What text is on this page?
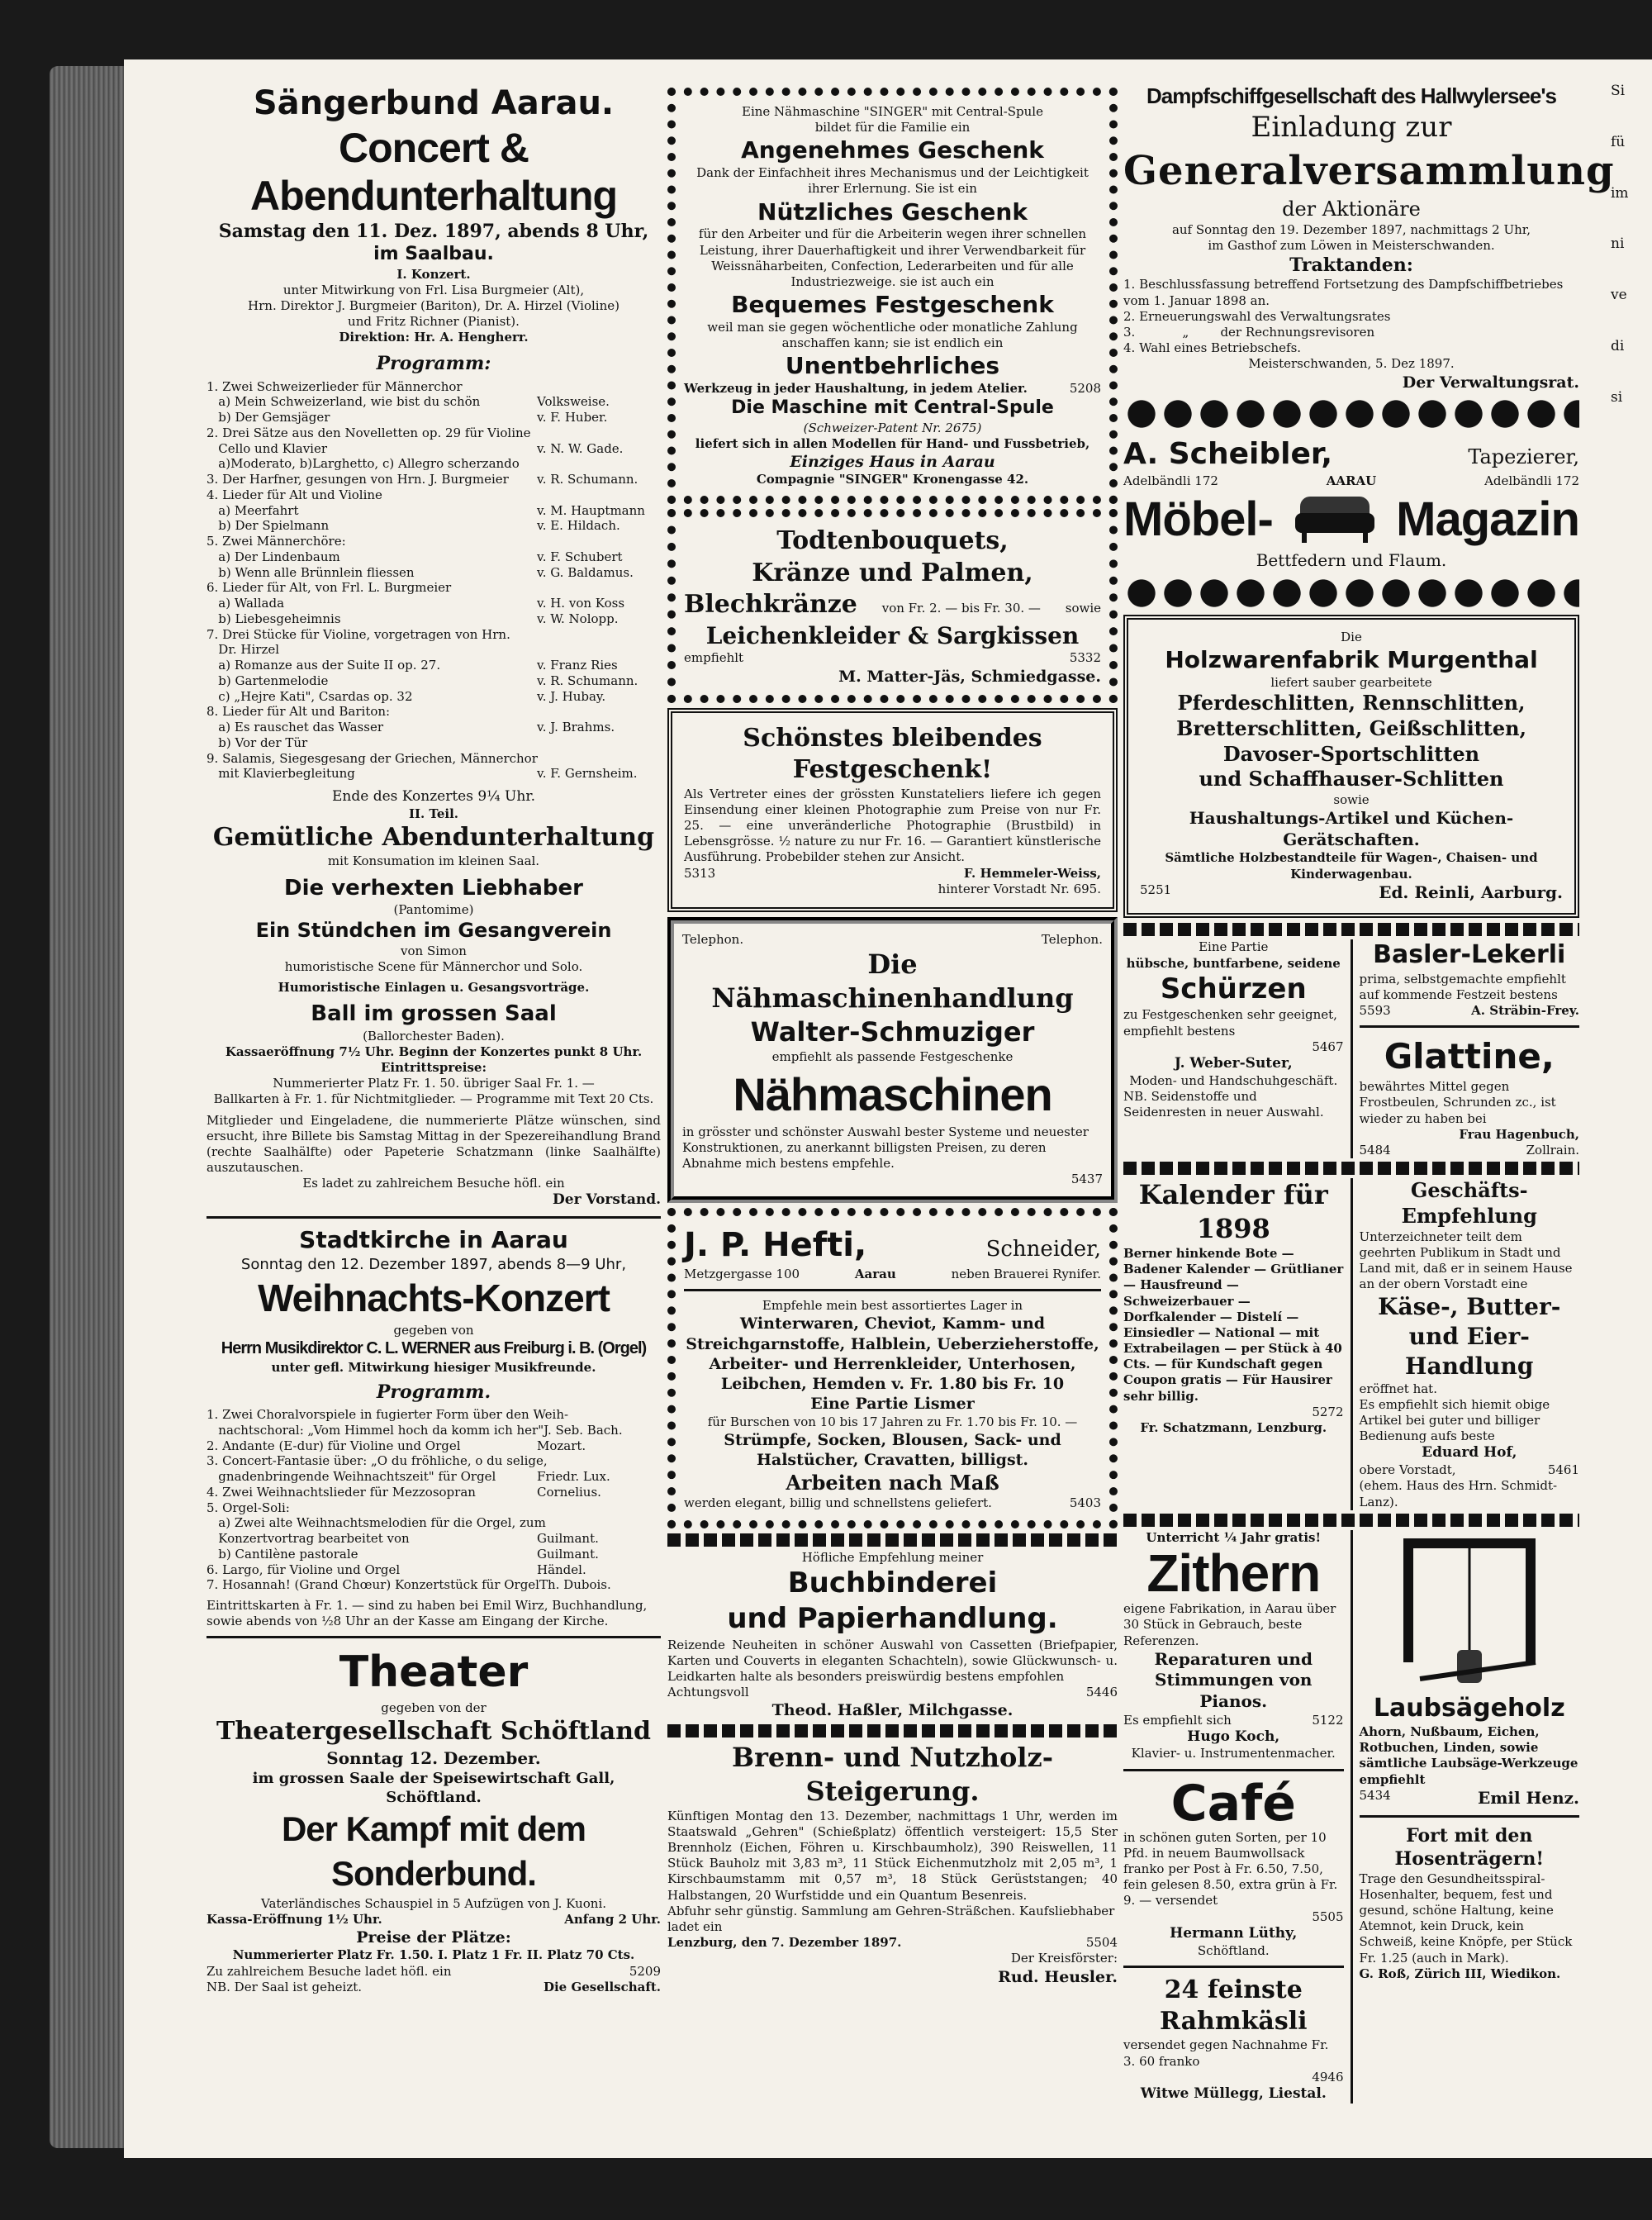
Sängerbund Aarau.
Concert & Abendunterhaltung
Samstag den 11. Dez. 1897, abends 8 Uhr,
im Saalbau.
I. Konzert.
unter Mitwirkung von Frl. Lisa Burgmeier (Alt),
Hrn. Direktor J. Burgmeier (Bariton), Dr. A. Hirzel (Violine)
und Fritz Richner (Pianist).
Direktion: Hr. A. Hengherr.
Programm:
1. Zwei Schweizerlieder für Männerchor
a) Mein Schweizerland, wie bist du schön	Volksweise.
b) Der Gemsjäger	v. F. Huber.
2. Drei Sätze aus den Novelletten op. 29 für Violine
Cello und Klavier	v. N. W. Gade.
a)Moderato, b)Larghetto, c) Allegro scherzando
3. Der Harfner, gesungen von Hrn. J. Burgmeier v. R. Schumann.
4. Lieder für Alt und Violine
a) Meerfahrt	v. M. Hauptmann
b) Der Spielmann	v. E. Hildach.
5. Zwei Männerchöre:
a) Der Lindenbaum	v. F. Schubert
b) Wenn alle Brünnlein fliessen	v. G. Baldamus.
6. Lieder für Alt, von Frl. L. Burgmeier
a) Wallada	v. H. von Koss
b) Liebesgeheimnis	v. W. Nolopp.
7. Drei Stücke für Violine, vorgetragen von Hrn.
Dr. Hirzel
a) Romanze aus der Suite II op. 27.	v. Franz Ries
b) Gartenmelodie	v. R. Schumann.
c) „Hejre Kati", Csardas op. 32	v. J. Hubay.
8. Lieder für Alt und Bariton:
a) Es rauschet das Wasser	v. J. Brahms.
b) Vor der Tür
9. Salamis, Siegesgesang der Griechen, Männerchor
mit Klavierbegleitung	v. F. Gernsheim.
Ende des Konzertes 9¼ Uhr.
II. Teil.
Gemütliche Abendunterhaltung
mit Konsumation im kleinen Saal.
Die verhexten Liebhaber
(Pantomime)
Ein Stündchen im Gesangverein
von Simon
humoristische Scene für Männerchor und Solo.
Humoristische Einlagen u. Gesangsvorträge.
Ball im grossen Saal
(Ballorchester Baden).
Kassaeröffnung 7½ Uhr. Beginn der Konzertes punkt 8 Uhr.
Eintrittspreise:
Nummerierter Platz Fr. 1. 50. übriger Saal Fr. 1. —
Ballkarten à Fr. 1. für Nichtmitglieder. — Programme mit Text 20 Cts.
Mitglieder und Eingeladene, die nummerierte Plätze wünschen, sind ersucht, ihre Billete bis Samstag Mittag in der Spezereihandlung Brand (rechte Saalhälfte) oder Papeterie Schatzmann (linke Saalhälfte) auszutauschen.
Es ladet zu zahlreichem Besuche höfl. ein
Der Vorstand.
Stadtkirche in Aarau
Sonntag den 12. Dezember 1897, abends 8—9 Uhr,
Weihnachts-Konzert
gegeben von
Herrn Musikdirektor C. L. WERNER aus Freiburg i. B. (Orgel)
unter gefl. Mitwirkung hiesiger Musikfreunde.
Programm.
1. Zwei Choralvorspiele in fugierter Form über den Weih-
nachtschoral: „Vom Himmel hoch da komm ich her" J. Seb. Bach.
2. Andante (E-dur) für Violine und Orgel	Mozart.
3. Concert-Fantasie über: „O du fröhliche, o du selige,
gnadenbringende Weihnachtszeit" für Orgel	Friedr. Lux.
4. Zwei Weihnachtslieder für Mezzosopran	Cornelius.
5. Orgel-Soli:
a) Zwei alte Weihnachtsmelodien für die Orgel, zum
Konzertvortrag bearbeitet von	Guilmant.
b) Cantilène pastorale	Guilmant.
6. Largo, für Violine und Orgel	Händel.
7. Hosannah! (Grand Chœur) Konzertstück für Orgel Th. Dubois.
Eintrittskarten à Fr. 1. — sind zu haben bei Emil Wirz, Buchhandlung, sowie abends von ½8 Uhr an der Kasse am Eingang der Kirche.
Theater
gegeben von der
Theatergesellschaft Schöftland
Sonntag 12. Dezember.
im grossen Saale der Speisewirtschaft Gall, Schöftland.
Der Kampf mit dem Sonderbund.
Vaterländisches Schauspiel in 5 Aufzügen von J. Kuoni.
Kassa-Eröffnung 1½ Uhr.	Anfang 2 Uhr.
Preise der Plätze:
Nummerierter Platz Fr. 1.50. I. Platz 1 Fr. II. Platz 70 Cts.
Zu zahlreichem Besuche ladet höfl. ein	5209
NB. Der Saal ist geheizt.	Die Gesellschaft.
Eine Nähmaschine "SINGER" mit Central-Spule
bildet für die Familie ein
Angenehmes Geschenk
Dank der Einfachheit ihres Mechanismus und der Leichtigkeit ihrer Erlernung. Sie ist ein
Nützliches Geschenk
für den Arbeiter und für die Arbeiterin wegen ihrer schnellen Leistung, ihrer Dauerhaftigkeit und ihrer Verwendbarkeit für Weissnäharbeiten, Confection, Lederarbeiten und für alle Industriezweige. sie ist auch ein
Bequemes Festgeschenk
weil man sie gegen wöchentliche oder monatliche Zahlung anschaffen kann; sie ist endlich ein
Unentbehrliches
Werkzeug in jeder Haushaltung, in jedem Atelier.	5208
Die Maschine mit Central-Spule
(Schweizer-Patent Nr. 2675)
liefert sich in allen Modellen für Hand- und Fussbetrieb,
Einziges Haus in Aarau
Compagnie "SINGER" Kronengasse 42.
Todtenbouquets,
Kränze und Palmen,
Blechkränze von Fr. 2. — bis Fr. 30. — sowie
Leichenkleider & Sargkissen
empfiehlt	5332
M. Matter-Jäs, Schmiedgasse.
Schönstes bleibendes Festgeschenk!
Als Vertreter eines der grössten Kunstateliers liefere ich gegen Einsendung einer kleinen Photographie zum Preise von nur Fr. 25. — eine unveränderliche Photographie (Brustbild) in Lebensgrösse. ½ nature zu nur Fr. 16. — Garantiert künstlerische Ausführung. Probebilder stehen zur Ansicht.
5313	F. Hemmeler-Weiss,
hinterer Vorstadt Nr. 695.
Telephon.	Telephon.
Die Nähmaschinenhandlung
Walter-Schmuziger
empfiehlt als passende Festgeschenke
Nähmaschinen
in grösster und schönster Auswahl bester Systeme und neuester Konstruktionen, zu anerkannt billigsten Preisen, zu deren Abnahme mich bestens empfehle.
5437
J. P. Hefti,	Schneider,
Metzgergasse 100	Aarau	neben Brauerei Rynifer.
Empfehle mein best assortiertes Lager in
Winterwaren, Cheviot, Kamm- und Streichgarnstoffe, Halblein, Ueberzieherstoffe, Arbeiter- und Herrenkleider, Unterhosen, Leibchen, Hemden v. Fr. 1.80 bis Fr. 10
Eine Partie Lismer
für Burschen von 10 bis 17 Jahren zu Fr. 1.70 bis Fr. 10. —
Strümpfe, Socken, Blousen, Sack- und Halstücher, Cravatten, billigst.
Arbeiten nach Maß
werden elegant, billig und schnellstens geliefert.	5403
Höfliche Empfehlung meiner
Buchbinderei
und Papierhandlung.
Reizende Neuheiten in schöner Auswahl von Cassetten (Briefpapier, Karten und Couverts in eleganten Schachteln), sowie Glückwunsch- u. Leidkarten halte als besonders preiswürdig bestens empfohlen
Achtungsvoll	5446
Theod. Haßler, Milchgasse.
Brenn- und Nutzholz-Steigerung.
Künftigen Montag den 13. Dezember, nachmittags 1 Uhr, werden im Staatswald „Gehren" (Schießplatz) öffentlich versteigert: 15,5 Ster Brennholz (Eichen, Föhren u. Kirschbaumholz), 390 Reiswellen, 11 Stück Bauholz mit 3,83 m³, 11 Stück Eichenmutzholz mit 2,05 m³, 1 Kirschbaumstamm mit 0,57 m³, 18 Stück Gerüststangen; 40 Halbstangen, 20 Wurfstidde und ein Quantum Besenreis.
Abfuhr sehr günstig. Sammlung am Gehren-Sträßchen. Kaufsliebhaber ladet ein
Lenzburg, den 7. Dezember 1897.	5504
Der Kreisförster:
Rud. Heusler.
Dampfschiffgesellschaft des Hallwylersee's
Einladung zur
Generalversammlung
der Aktionäre
auf Sonntag den 19. Dezember 1897, nachmittags 2 Uhr,
im Gasthof zum Löwen in Meisterschwanden.
Traktanden:
1. Beschlussfassung betreffend Fortsetzung des Dampfschiffbetriebes vom 1. Januar 1898 an.
2. Erneuerungswahl des Verwaltungsrates
3.            „        der Rechnungsrevisoren
4. Wahl eines Betriebschefs.
Meisterschwanden, 5. Dez 1897.
Der Verwaltungsrat.
A. Scheibler,	Tapezierer,
Adelbändli 172	AARAU	Adelbändli 172
Möbel-	Magazin
Bettfedern und Flaum.
Die
Holzwarenfabrik Murgenthal
liefert sauber gearbeitete
Pferdeschlitten, Rennschlitten,
Bretterschlitten, Geißschlitten,
Davoser-Sportschlitten
und Schaffhauser-Schlitten
sowie
Haushaltungs-Artikel und Küchen-Gerätschaften.
Sämtliche Holzbestandteile für Wagen-, Chaisen- und Kinderwagenbau.
5251	Ed. Reinli, Aarburg.
Eine Partie
hübsche, buntfarbene, seidene
Schürzen
zu Festgeschenken sehr geeignet, empfiehlt bestens
5467
J. Weber-Suter,
Moden- und Handschuhgeschäft.
NB. Seidenstoffe und Seidenresten in neuer Auswahl.
Basler-Lekerli
prima, selbstgemachte empfiehlt auf kommende Festzeit bestens
5593	A. Sträbin-Frey.
Glattine,
bewährtes Mittel gegen Frostbeulen, Schrunden zc., ist wieder zu haben bei
Frau Hagenbuch,
5484	Zollrain.
Kalender für 1898
Berner hinkende Bote — Badener Kalender — Grütlianer — Hausfreund — Schweizerbauer — Dorfkalender — Distelí — Einsiedler — National — mit Extrabeilagen — per Stück à 40 Cts. — für Kundschaft gegen Coupon gratis — Für Hausirer sehr billig.
5272
Fr. Schatzmann, Lenzburg.
Geschäfts-Empfehlung
Unterzeichneter teilt dem geehrten Publikum in Stadt und Land mit, daß er in seinem Hause an der obern Vorstadt eine
Käse-, Butter- und Eier-Handlung
eröffnet hat.
Es empfiehlt sich hiemit obige Artikel bei guter und billiger Bedienung aufs beste
Eduard Hof,
obere Vorstadt,	5461
(ehem. Haus des Hrn. Schmidt-Lanz).
Unterricht ¼ Jahr gratis!
Zithern
eigene Fabrikation, in Aarau über 30 Stück in Gebrauch, beste Referenzen.
Reparaturen und Stimmungen von Pianos.
Es empfiehlt sich	5122
Hugo Koch,
Klavier- u. Instrumentenmacher.
Café
in schönen guten Sorten, per 10 Pfd. in neuem Baumwollsack franko per Post à Fr. 6.50, 7.50, fein gelesen 8.50, extra grün à Fr. 9. — versendet
5505
Hermann Lüthy,
Schöftland.
24 feinste Rahmkäsli
versendet gegen Nachnahme Fr. 3. 60 franko
4946
Witwe Müllegg, Liestal.
Laubsägeholz
Ahorn, Nußbaum, Eichen, Rotbuchen, Linden, sowie sämtliche Laubsäge-Werkzeuge empfiehlt
5434	Emil Henz.
Fort mit den Hosenträgern!
Trage den Gesundheitsspiral-Hosenhalter, bequem, fest und gesund, schöne Haltung, keine Atemnot, kein Druck, kein Schweiß, keine Knöpfe, per Stück Fr. 1.25 (auch in Mark).
G. Roß, Zürich III, Wiedikon.
Si
fü
im
ni
ve
di
si
